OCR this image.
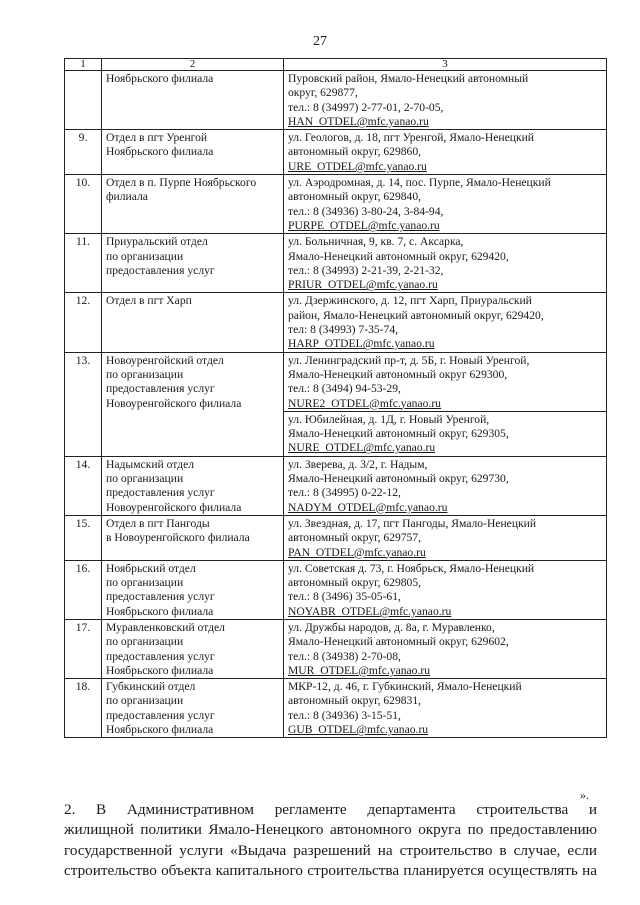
27
1	2	3

	Ноябрьского филиала	Пуровский район, Ямало-Ненецкий автономный
округ, 629877,
тел.: 8 (34997) 2-77-01, 2-70-05,
HAN_OTDEL@mfc.yanao.ru

9.	Отдел в пгт Уренгой
Ноябрьского филиала	ул. Геологов, д. 18, пгт Уренгой, Ямало-Ненецкий
автономный округ, 629860,
URE_OTDEL@mfc.yanao.ru

10.	Отдел в п. Пурпе Ноябрьского
филиала	ул. Аэродромная, д. 14, пос. Пурпе, Ямало-Ненецкий
автономный округ, 629840,
тел.: 8 (34936) 3-80-24, 3-84-94,
PURPE_OTDEL@mfc.yanao.ru

11.	Приуральский отдел
по организации
предоставления услуг	ул. Больничная, 9, кв. 7, с. Аксарка,
Ямало-Ненецкий автономный округ, 629420,
тел.: 8 (34993) 2-21-39, 2-21-32,
PRIUR_OTDEL@mfc.yanao.ru

12.	Отдел в пгт Харп	ул. Дзержинского, д. 12, пгт Харп, Приуральский
район, Ямало-Ненецкий автономный округ, 629420,
тел: 8 (34993) 7-35-74,
HARP_OTDEL@mfc.yanao.ru

13.	Новоуренгойский отдел
по организации
предоставления услуг
Новоуренгойского филиала	ул. Ленинградский пр-т, д. 5Б, г. Новый Уренгой,
Ямало-Ненецкий автономный округ 629300,
тел.: 8 (3494) 94-53-29,
NURE2_OTDEL@mfc.yanao.ru

		ул. Юбилейная, д. 1Д, г. Новый Уренгой,
Ямало-Ненецкий автономный округ, 629305,
NURE_OTDEL@mfc.yanao.ru

14.	Надымский отдел
по организации
предоставления услуг
Новоуренгойского филиала	ул. Зверева, д. 3/2, г. Надым,
Ямало-Ненецкий автономный округ, 629730,
тел.: 8 (34995) 0-22-12,
NADYM_OTDEL@mfc.yanao.ru

15.	Отдел в пгт Пангоды
в Новоуренгойского филиала	ул. Звездная, д. 17, пгт Пангоды, Ямало-Ненецкий
автономный округ, 629757,
PAN_OTDEL@mfc.yanao.ru

16.	Ноябрьский отдел
по организации
предоставления услуг
Ноябрьского филиала	ул. Советская д. 73, г. Ноябрьск, Ямало-Ненецкий
автономный округ, 629805,
тел.: 8 (3496) 35-05-61,
NOYABR_OTDEL@mfc.yanao.ru

17.	Муравленковский отдел
по организации
предоставления услуг
Ноябрьского филиала	ул. Дружбы народов, д. 8а, г. Муравленко,
Ямало-Ненецкий автономный округ, 629602,
тел.: 8 (34938) 2-70-08,
MUR_OTDEL@mfc.yanao.ru

18.	Губкинский отдел
по организации
предоставления услуг
Ноябрьского филиала	МКР-12, д. 46, г. Губкинский, Ямало-Ненецкий
автономный округ, 629831,
тел.: 8 (34936) 3-15-51,
GUB_OTDEL@mfc.yanao.ru
».
2. В Административном регламенте департамента строительства и
жилищной политики Ямало-Ненецкого автономного округа по предоставлению
государственной услуги «Выдача разрешений на строительство в случае, если
строительство объекта капитального строительства планируется осуществлять на
